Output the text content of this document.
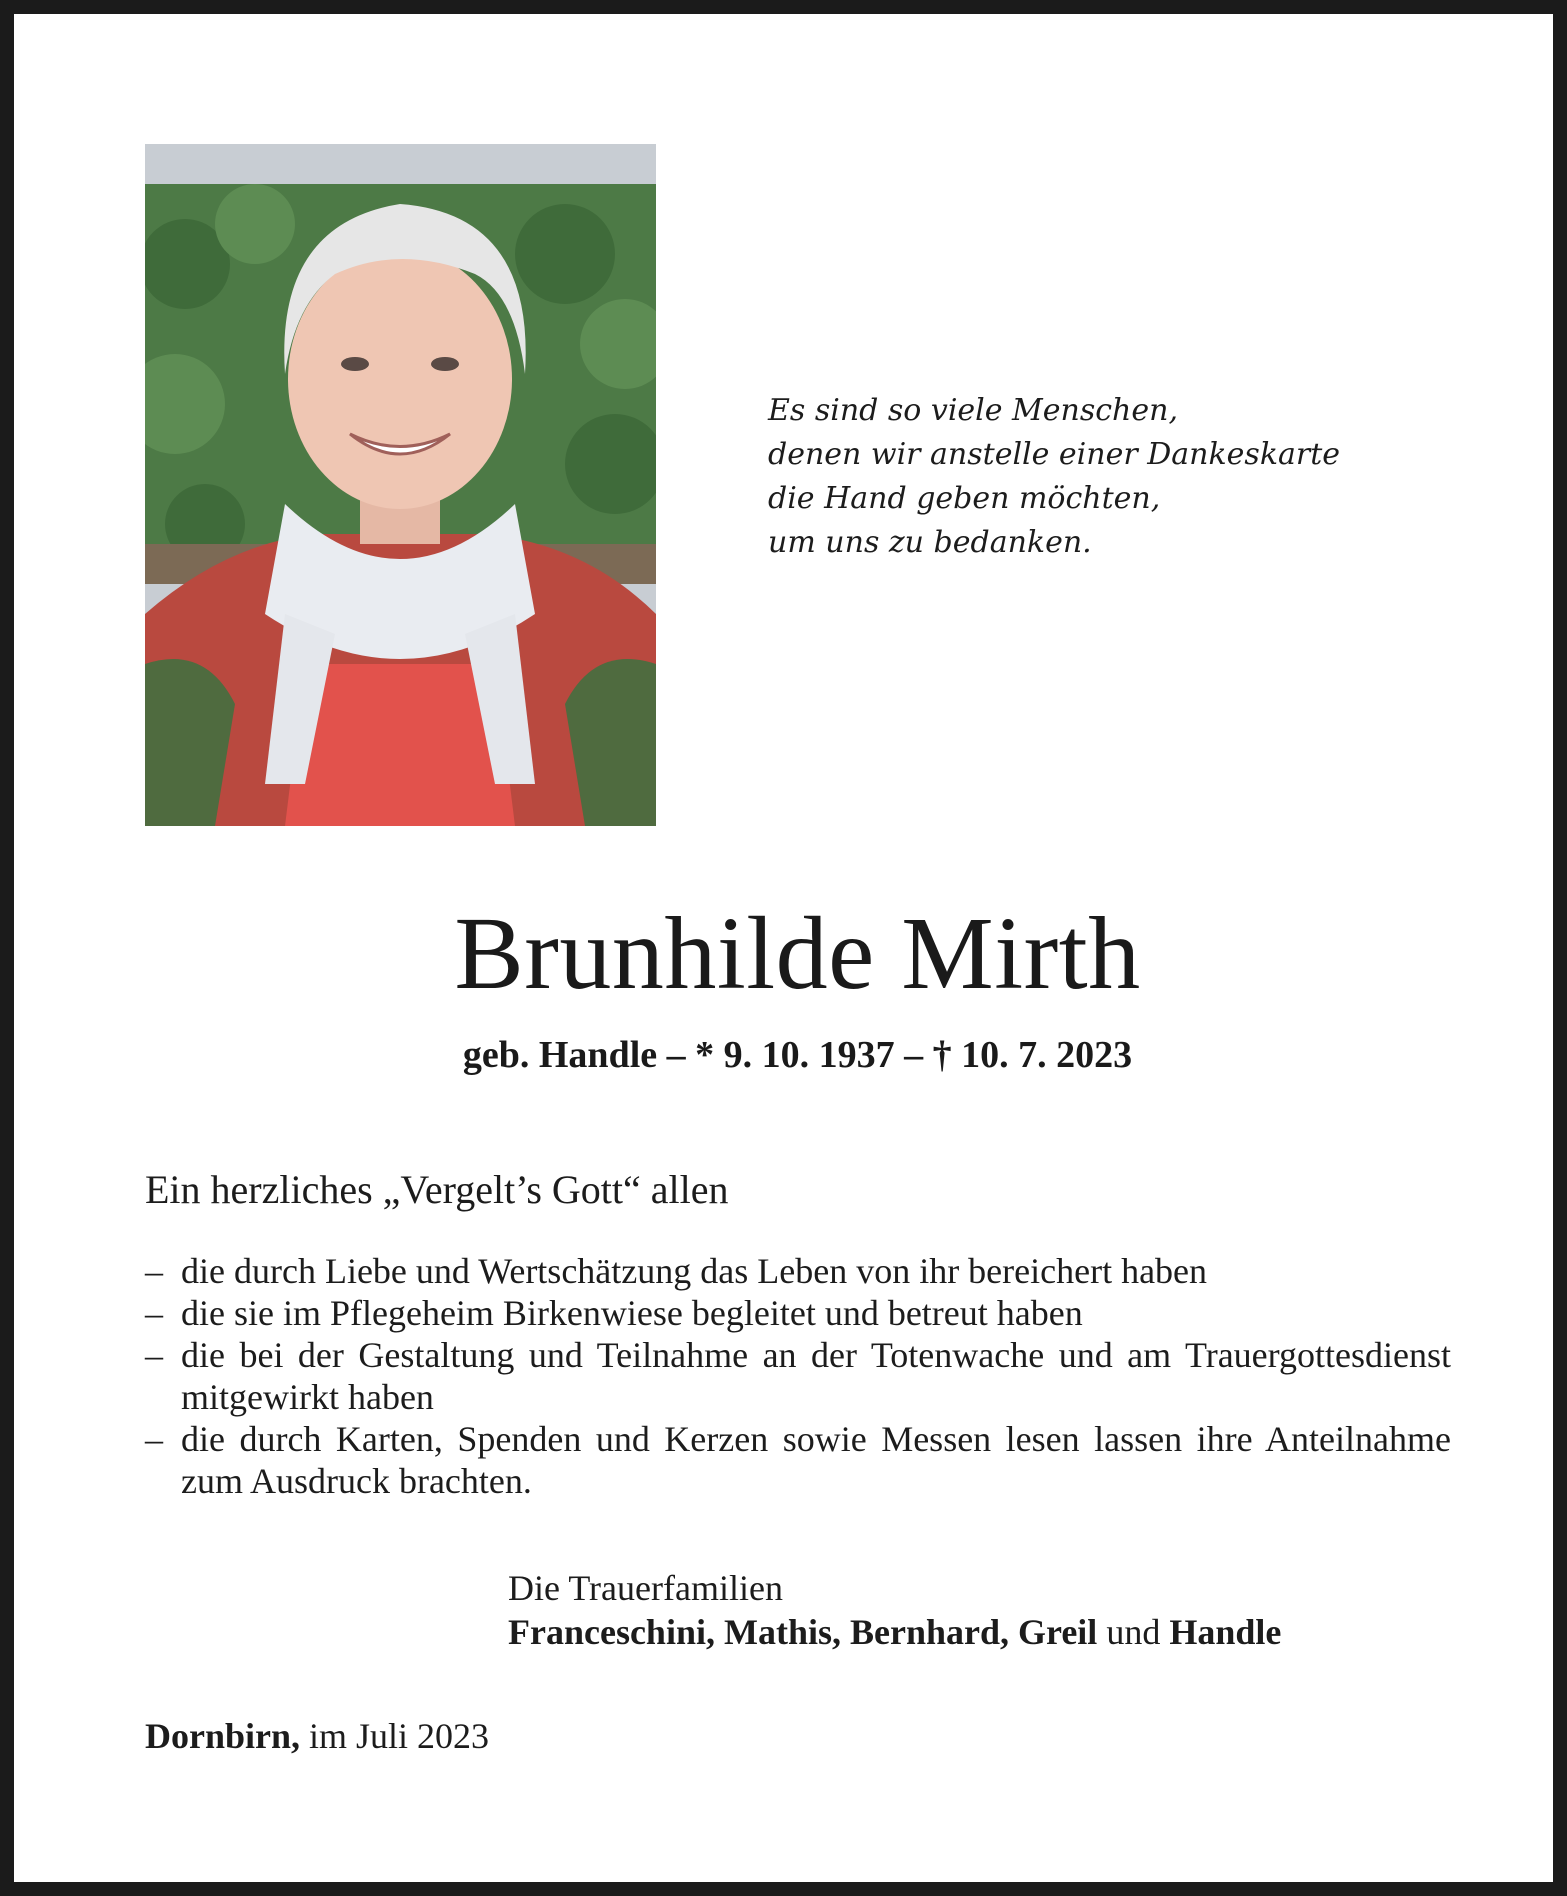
Es sind so viele Menschen,
denen wir anstelle einer Dankeskarte
die Hand geben möchten,
um uns zu bedanken.
Brunhilde Mirth
geb. Handle – * 9. 10. 1937 – † 10. 7. 2023
Ein herzliches „Vergelt’s Gott“ allen
– die durch Liebe und Wertschätzung das Leben von ihr bereichert haben
– die sie im Pflegeheim Birkenwiese begleitet und betreut haben
– die bei der Gestaltung und Teilnahme an der Totenwache und am Trauergottesdienst mitgewirkt haben
– die durch Karten, Spenden und Kerzen sowie Messen lesen lassen ihre Anteilnahme zum Ausdruck brachten.
Die Trauerfamilien
Franceschini, Mathis, Bernhard, Greil und Handle
Dornbirn, im Juli 2023
